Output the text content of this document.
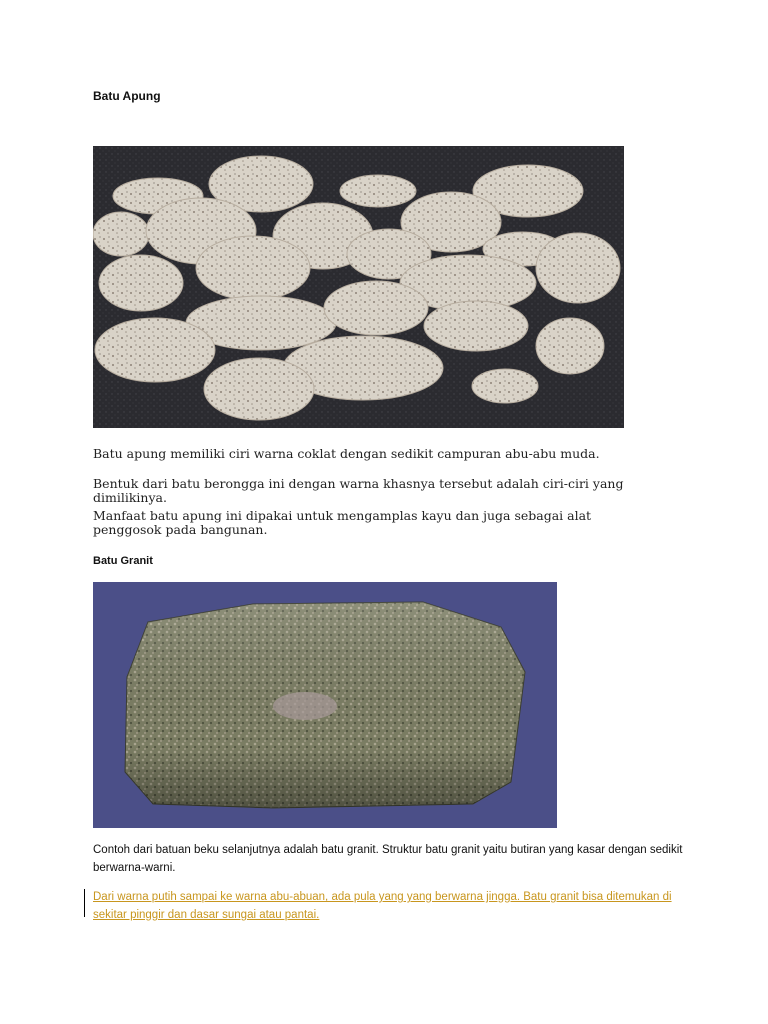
Batu Apung
Batu apung memiliki ciri warna coklat dengan sedikit campuran abu-abu muda.
Bentuk dari batu berongga ini dengan warna khasnya tersebut adalah ciri-ciri yang dimilikinya.
Manfaat batu apung ini dipakai untuk mengamplas kayu dan juga sebagai alat penggosok pada bangunan.
Batu Granit
Contoh dari batuan beku selanjutnya adalah batu granit. Struktur batu granit yaitu butiran yang kasar dengan sedikit berwarna-warni.
Dari warna putih sampai ke warna abu-abuan, ada pula yang yang berwarna jingga. Batu granit bisa ditemukan di sekitar pinggir dan dasar sungai atau pantai.
